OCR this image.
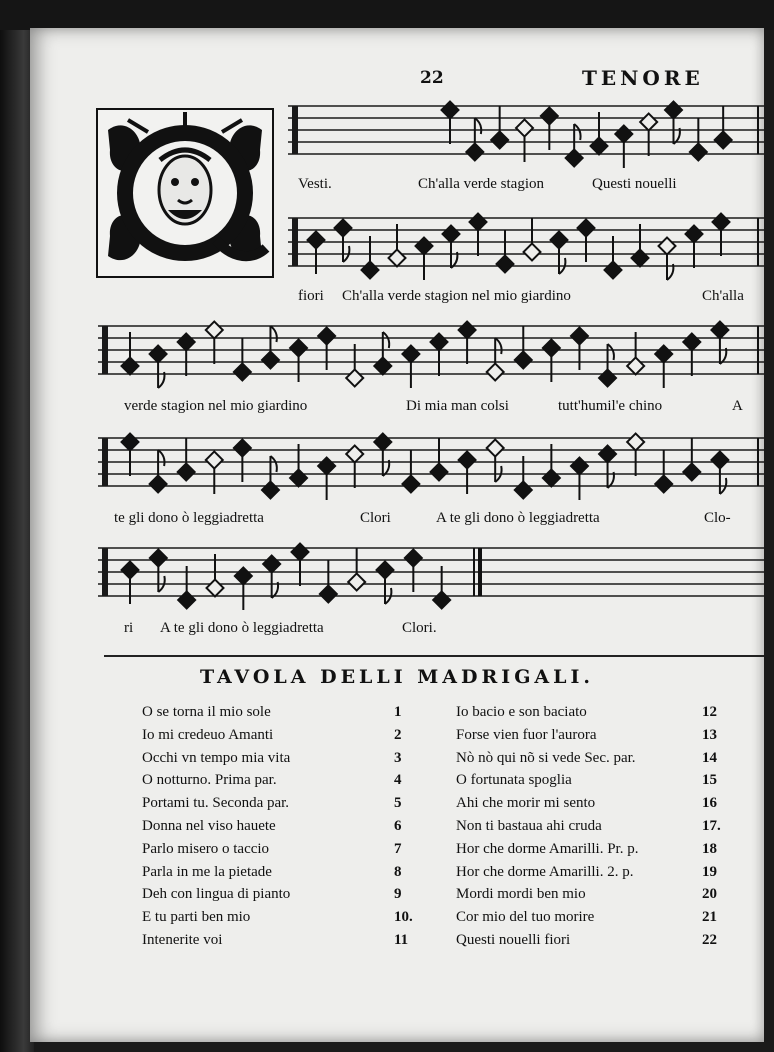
22	TENORE
Vesti.	Ch'alla verde stagion	Questi nouelli
fiori Ch'alla verde stagion nel mio giardino	Ch'alla
verde stagion nel mio giardino	Di mia man colsi	tutt'humil'e chino	A
te gli dono ò leggiadretta	Clori	A te gli dono ò leggiadretta	Clo-
ri A te gli dono ò leggiadretta	Clori.
TAVOLA DELLI MADRIGALI.
O se torna il mio sole	1
Io mi credeuo Amanti	2
Occhi vn tempo mia vita	3
O notturno. Prima par.	4
Portami tu. Seconda par.	5
Donna nel viso hauete	6
Parlo misero o taccio	7
Parla in me la pietade	8
Deh con lingua di pianto	9
E tu parti ben mio	10.
Intenerite voi	11
Io bacio e son baciato	12
Forse vien fuor l'aurora	13
Nò nò qui nõ si vede Sec. par.	14
O fortunata spoglia	15
Ahi che morir mi sento	16
Non ti bastaua ahi cruda	17.
Hor che dorme Amarilli. Pr. p.	18
Hor che dorme Amarilli. 2. p.	19
Mordi mordi ben mio	20
Cor mio del tuo morire	21
Questi nouelli fiori	22
